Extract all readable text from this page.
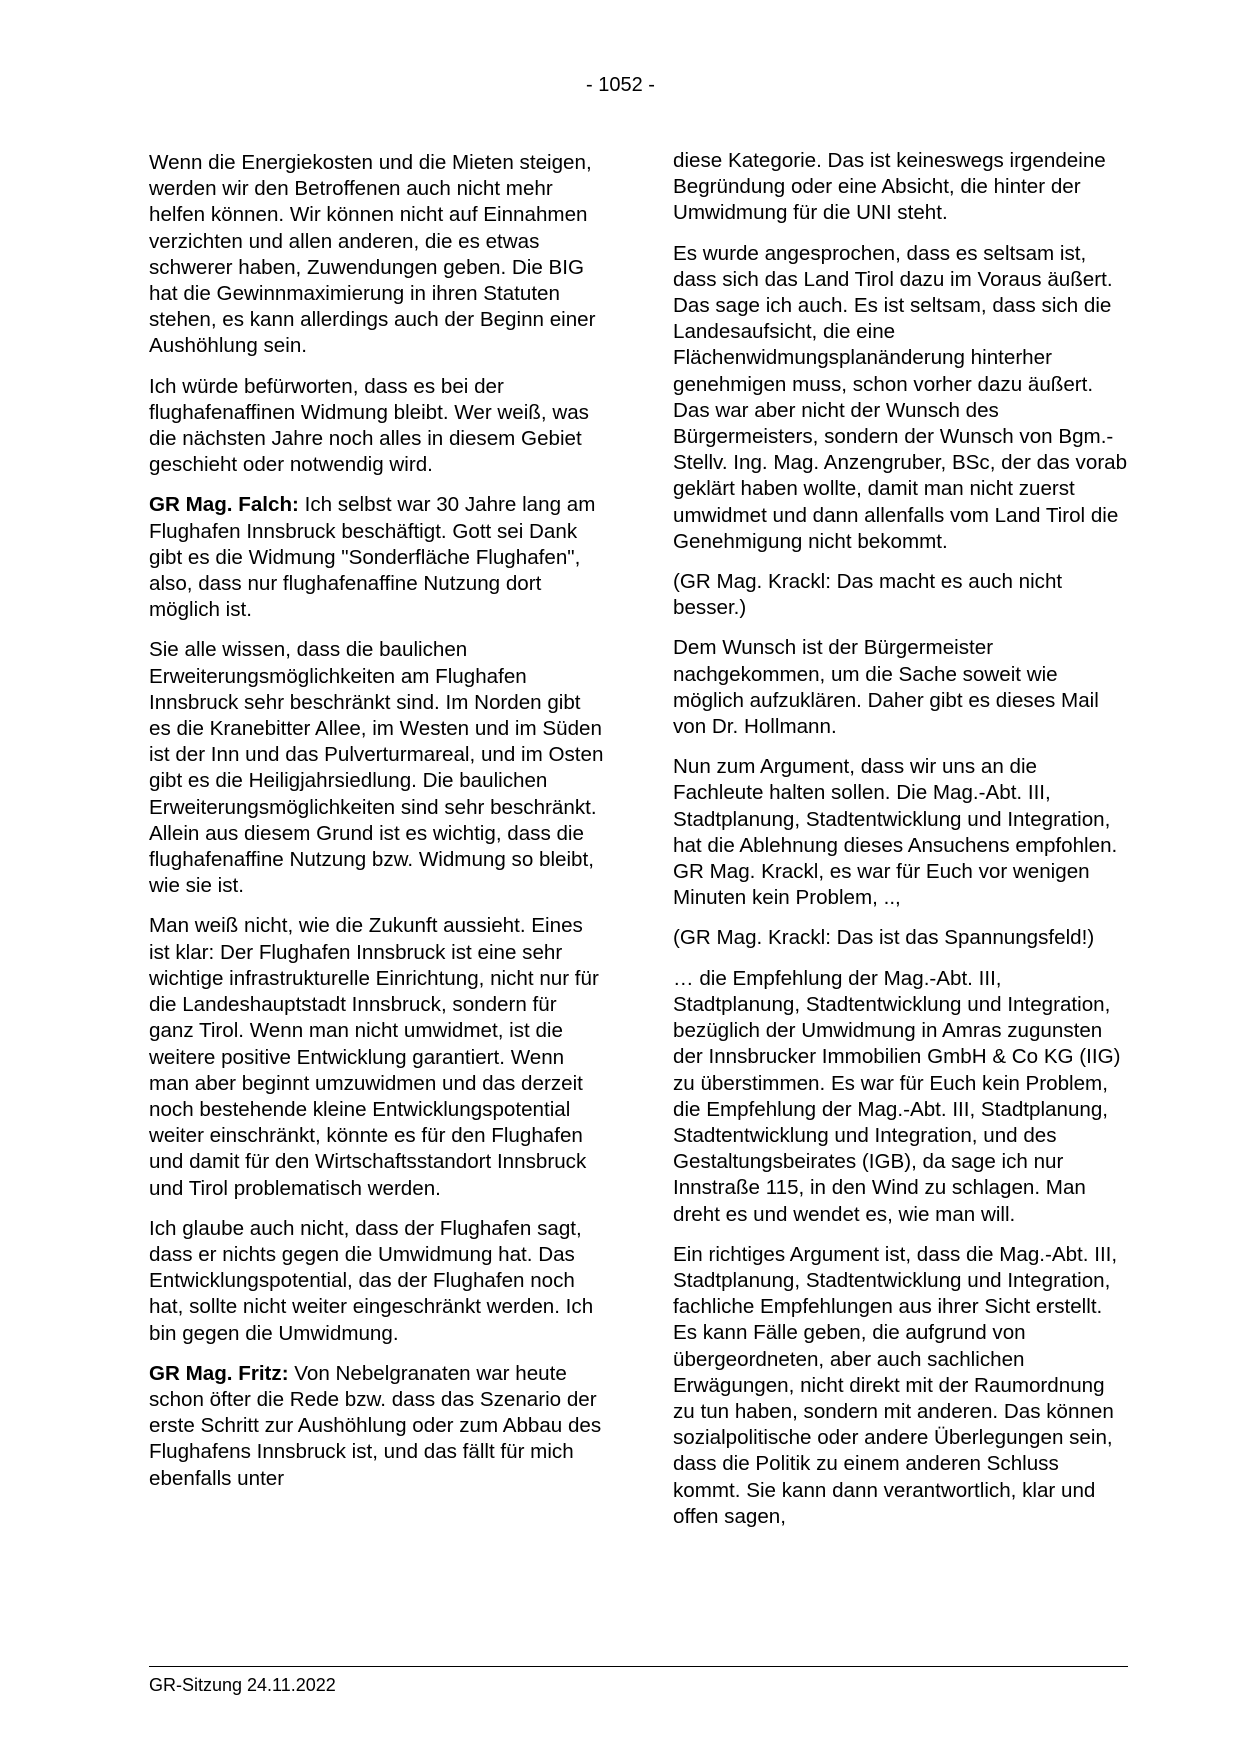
- 1052 -

Wenn die Energiekosten und die Mieten steigen, werden wir den Betroffenen auch nicht mehr helfen können. Wir können nicht auf Einnahmen verzichten und allen anderen, die es etwas schwerer haben, Zuwendungen geben. Die BIG hat die Gewinnmaximierung in ihren Statuten stehen, es kann allerdings auch der Beginn einer Aushöhlung sein.

Ich würde befürworten, dass es bei der flughafenaffinen Widmung bleibt. Wer weiß, was die nächsten Jahre noch alles in diesem Gebiet geschieht oder notwendig wird.

GR Mag. Falch: Ich selbst war 30 Jahre lang am Flughafen Innsbruck beschäftigt. Gott sei Dank gibt es die Widmung "Sonderfläche Flughafen", also, dass nur flughafenaffine Nutzung dort möglich ist.

Sie alle wissen, dass die baulichen Erweiterungsmöglichkeiten am Flughafen Innsbruck sehr beschränkt sind. Im Norden gibt es die Kranebitter Allee, im Westen und im Süden ist der Inn und das Pulverturmareal, und im Osten gibt es die Heiligjahrsiedlung. Die baulichen Erweiterungsmöglichkeiten sind sehr beschränkt. Allein aus diesem Grund ist es wichtig, dass die flughafenaffine Nutzung bzw. Widmung so bleibt, wie sie ist.

Man weiß nicht, wie die Zukunft aussieht. Eines ist klar: Der Flughafen Innsbruck ist eine sehr wichtige infrastrukturelle Einrichtung, nicht nur für die Landeshauptstadt Innsbruck, sondern für ganz Tirol. Wenn man nicht umwidmet, ist die weitere positive Entwicklung garantiert. Wenn man aber beginnt umzuwidmen und das derzeit noch bestehende kleine Entwicklungspotential weiter einschränkt, könnte es für den Flughafen und damit für den Wirtschaftsstandort Innsbruck und Tirol problematisch werden.

Ich glaube auch nicht, dass der Flughafen sagt, dass er nichts gegen die Umwidmung hat. Das Entwicklungspotential, das der Flughafen noch hat, sollte nicht weiter eingeschränkt werden. Ich bin gegen die Umwidmung.

GR Mag. Fritz: Von Nebelgranaten war heute schon öfter die Rede bzw. dass das Szenario der erste Schritt zur Aushöhlung oder zum Abbau des Flughafens Innsbruck ist, und das fällt für mich ebenfalls unter

diese Kategorie. Das ist keineswegs irgendeine Begründung oder eine Absicht, die hinter der Umwidmung für die UNI steht.

Es wurde angesprochen, dass es seltsam ist, dass sich das Land Tirol dazu im Voraus äußert. Das sage ich auch. Es ist seltsam, dass sich die Landesaufsicht, die eine Flächenwidmungsplanänderung hinterher genehmigen muss, schon vorher dazu äußert. Das war aber nicht der Wunsch des Bürgermeisters, sondern der Wunsch von Bgm.-Stellv. Ing. Mag. Anzengruber, BSc, der das vorab geklärt haben wollte, damit man nicht zuerst umwidmet und dann allenfalls vom Land Tirol die Genehmigung nicht bekommt.

(GR Mag. Krackl: Das macht es auch nicht besser.)

Dem Wunsch ist der Bürgermeister nachgekommen, um die Sache soweit wie möglich aufzuklären. Daher gibt es dieses Mail von Dr. Hollmann.

Nun zum Argument, dass wir uns an die Fachleute halten sollen. Die Mag.-Abt. III, Stadtplanung, Stadtentwicklung und Integration, hat die Ablehnung dieses Ansuchens empfohlen. GR Mag. Krackl, es war für Euch vor wenigen Minuten kein Problem, ..,

(GR Mag. Krackl: Das ist das Spannungsfeld!)

… die Empfehlung der Mag.-Abt. III, Stadtplanung, Stadtentwicklung und Integration, bezüglich der Umwidmung in Amras zugunsten der Innsbrucker Immobilien GmbH & Co KG (IIG) zu überstimmen. Es war für Euch kein Problem, die Empfehlung der Mag.-Abt. III, Stadtplanung, Stadtentwicklung und Integration, und des Gestaltungsbeirates (IGB), da sage ich nur Innstraße 115, in den Wind zu schlagen. Man dreht es und wendet es, wie man will.

Ein richtiges Argument ist, dass die Mag.-Abt. III, Stadtplanung, Stadtentwicklung und Integration, fachliche Empfehlungen aus ihrer Sicht erstellt. Es kann Fälle geben, die aufgrund von übergeordneten, aber auch sachlichen Erwägungen, nicht direkt mit der Raumordnung zu tun haben, sondern mit anderen. Das können sozialpolitische oder andere Überlegungen sein, dass die Politik zu einem anderen Schluss kommt. Sie kann dann verantwortlich, klar und offen sagen,

GR-Sitzung 24.11.2022
